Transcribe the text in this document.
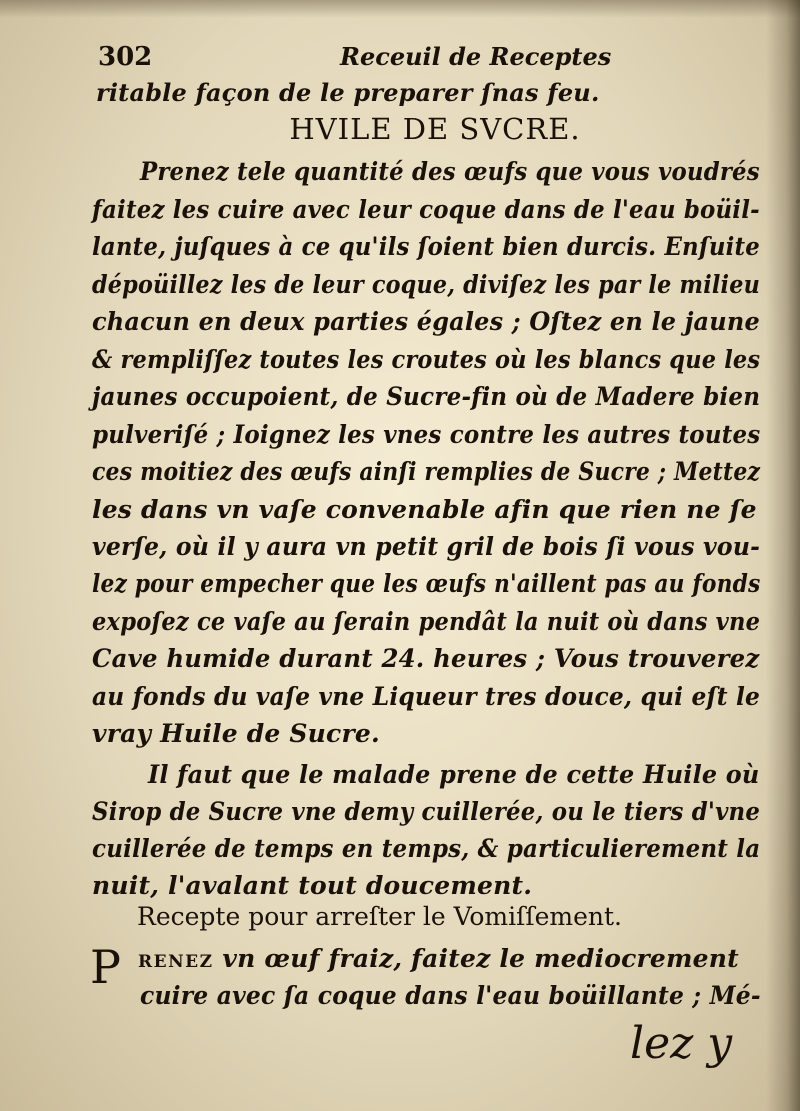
302	Receuil de Receptes
ritable façon de le preparer ſnas feu.
HVILE DE SVCRE.
Prenez tele quantité des œufs que vous voudrés
faitez les cuire avec leur coque dans de l'eau boüil-
lante, juſques à ce qu'ils ſoient bien durcis. Enſuite
dépoüillez les de leur coque, diviſez les par le milieu
chacun en deux parties égales ; Oſtez en le jaune
& rempliſſez toutes les croutes où les blancs que les
jaunes occupoient, de Sucre-fin où de Madere bien
pulveriſé ; Ioignez les vnes contre les autres toutes
ces moitiez des œufs ainſi remplies de Sucre ; Mettez
les dans vn vaſe convenable afin que rien ne ſe
verſe, où il y aura vn petit gril de bois ſi vous vou-
lez pour empecher que les œufs n'aillent pas au fonds
expoſez ce vaſe au ſerain pendât la nuit où dans vne
Cave humide durant 24. heures ; Vous trouverez
au fonds du vaſe vne Liqueur tres douce, qui eſt le
vray Huile de Sucre.
Il faut que le malade prene de cette Huile où
Sirop de Sucre vne demy cuillerée, ou le tiers d'vne
cuillerée de temps en temps, & particulierement la
nuit, l'avalant tout doucement.
Recepte pour arreſter le Vomiſſement.
P RENEZ vn œuf fraiz, faitez le mediocrement
cuire avec ſa coque dans l'eau boüillante ; Mé-
lez y
